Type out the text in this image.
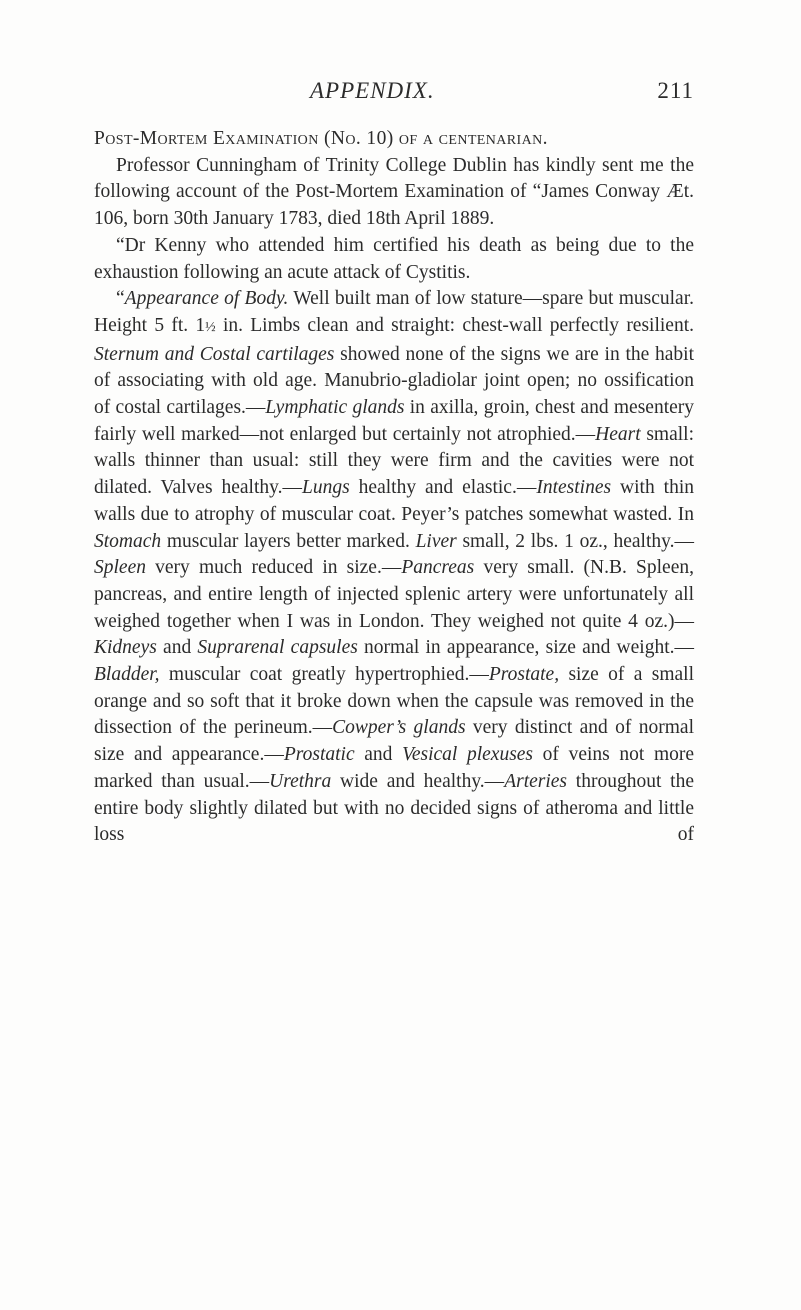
APPENDIX.	211

Post-Mortem Examination (No. 10) of a centenarian.

Professor Cunningham of Trinity College Dublin has kindly sent me the following account of the Post-Mortem Examination of “James Conway Æt. 106, born 30th January 1783, died 18th April 1889.

“Dr Kenny who attended him certified his death as being due to the exhaustion following an acute attack of Cystitis.

“Appearance of Body. Well built man of low stature—spare but muscular. Height 5 ft. 1½ in. Limbs clean and straight: chest-wall perfectly resilient. Sternum and Costal cartilages showed none of the signs we are in the habit of associating with old age. Manubrio-gladiolar joint open; no ossification of costal cartilages.—Lymphatic glands in axilla, groin, chest and mesentery fairly well marked—not enlarged but certainly not atrophied.—Heart small: walls thinner than usual: still they were firm and the cavities were not dilated. Valves healthy.—Lungs healthy and elastic.—Intestines with thin walls due to atrophy of muscular coat. Peyer’s patches somewhat wasted. In Stomach muscular layers better marked. Liver small, 2 lbs. 1 oz., healthy.—Spleen very much reduced in size.—Pancreas very small. (N.B. Spleen, pancreas, and entire length of injected splenic artery were unfortunately all weighed together when I was in London. They weighed not quite 4 oz.)—Kidneys and Suprarenal capsules normal in appearance, size and weight.—Bladder, muscular coat greatly hypertrophied.—Prostate, size of a small orange and so soft that it broke down when the capsule was removed in the dissection of the perineum.—Cowper’s glands very distinct and of normal size and appearance.—Prostatic and Vesical plexuses of veins not more marked than usual.—Urethra wide and healthy.—Arteries throughout the entire body slightly dilated but with no decided signs of atheroma and little loss of
